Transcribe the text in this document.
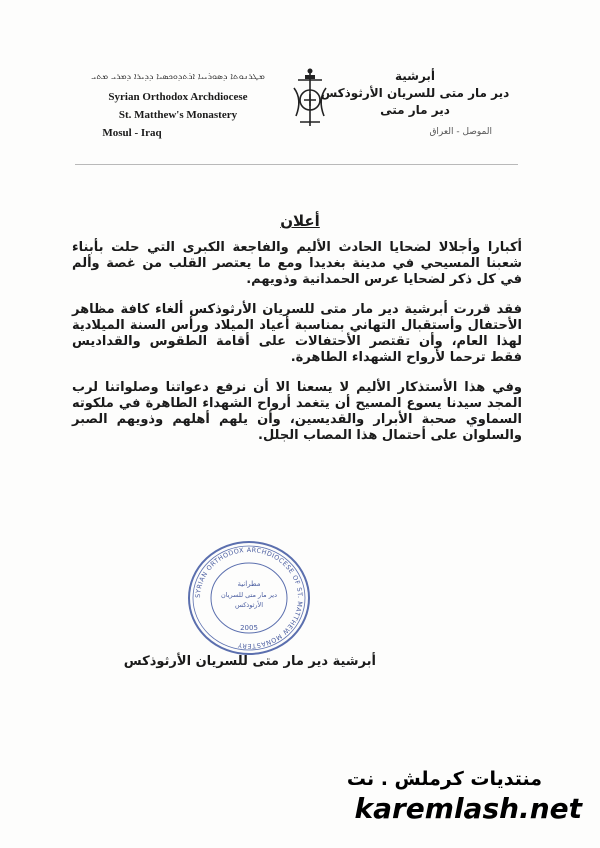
ܡܛܪܢܘܬܐ ܕܣܘܪܝܝܐ ܐܪܬܕܘܟܣܝܐ ܕܕܝܪܐ ܕܡܪܝ ܡܬܝ
Syrian Orthodox Archdiocese
St. Matthew's Monastery
Mosul - Iraq
أبرشية
دير مار متى للسريان الأرثوذكس
دير مار متى
الموصل - العراق
أعلان

أكبارا وأجلالا لضحايا الحادث الأليم والفاجعة الكبرى التي حلت بأبناء شعبنا المسيحي في مدينة بغديدا ومع ما يعتصر القلب من غصة وألم في كل ذكر لضحايا عرس الحمدانية وذويهم.

فقد قررت أبرشية دير مار متى للسريان الأرثوذكس ألغاء كافة مظاهر الأحتفال وأستقبال التهاني بمناسبة أعياد الميلاد ورأس السنة الميلادية لهذا العام، وأن تقتصر الأحتفالات على أقامة الطقوس والقداديس فقط ترحما لأرواح الشهداء الطاهرة.

وفي هذا الأستذكار الأليم لا يسعنا الا أن نرفع دعواتنا وصلواتنا لرب المجد سيدنا يسوع المسيح أن يتغمد أرواح الشهداء الطاهرة في ملكوته السماوي صحبة الأبرار والقديسين، وأن يلهم أهلهم وذويهم الصبر والسلوان على أحتمال هذا المصاب الجلل.

SYRIAN ORTHODOX ARCHDIOCESE OF ST. MATTHEW MONASTERY
مطرانية
دير مار متى للسريان
الأرثوذكس
2005
أبرشية دير مار متى للسريان الأرثوذكس
منتديات كرملش . نت
karemlash.net
